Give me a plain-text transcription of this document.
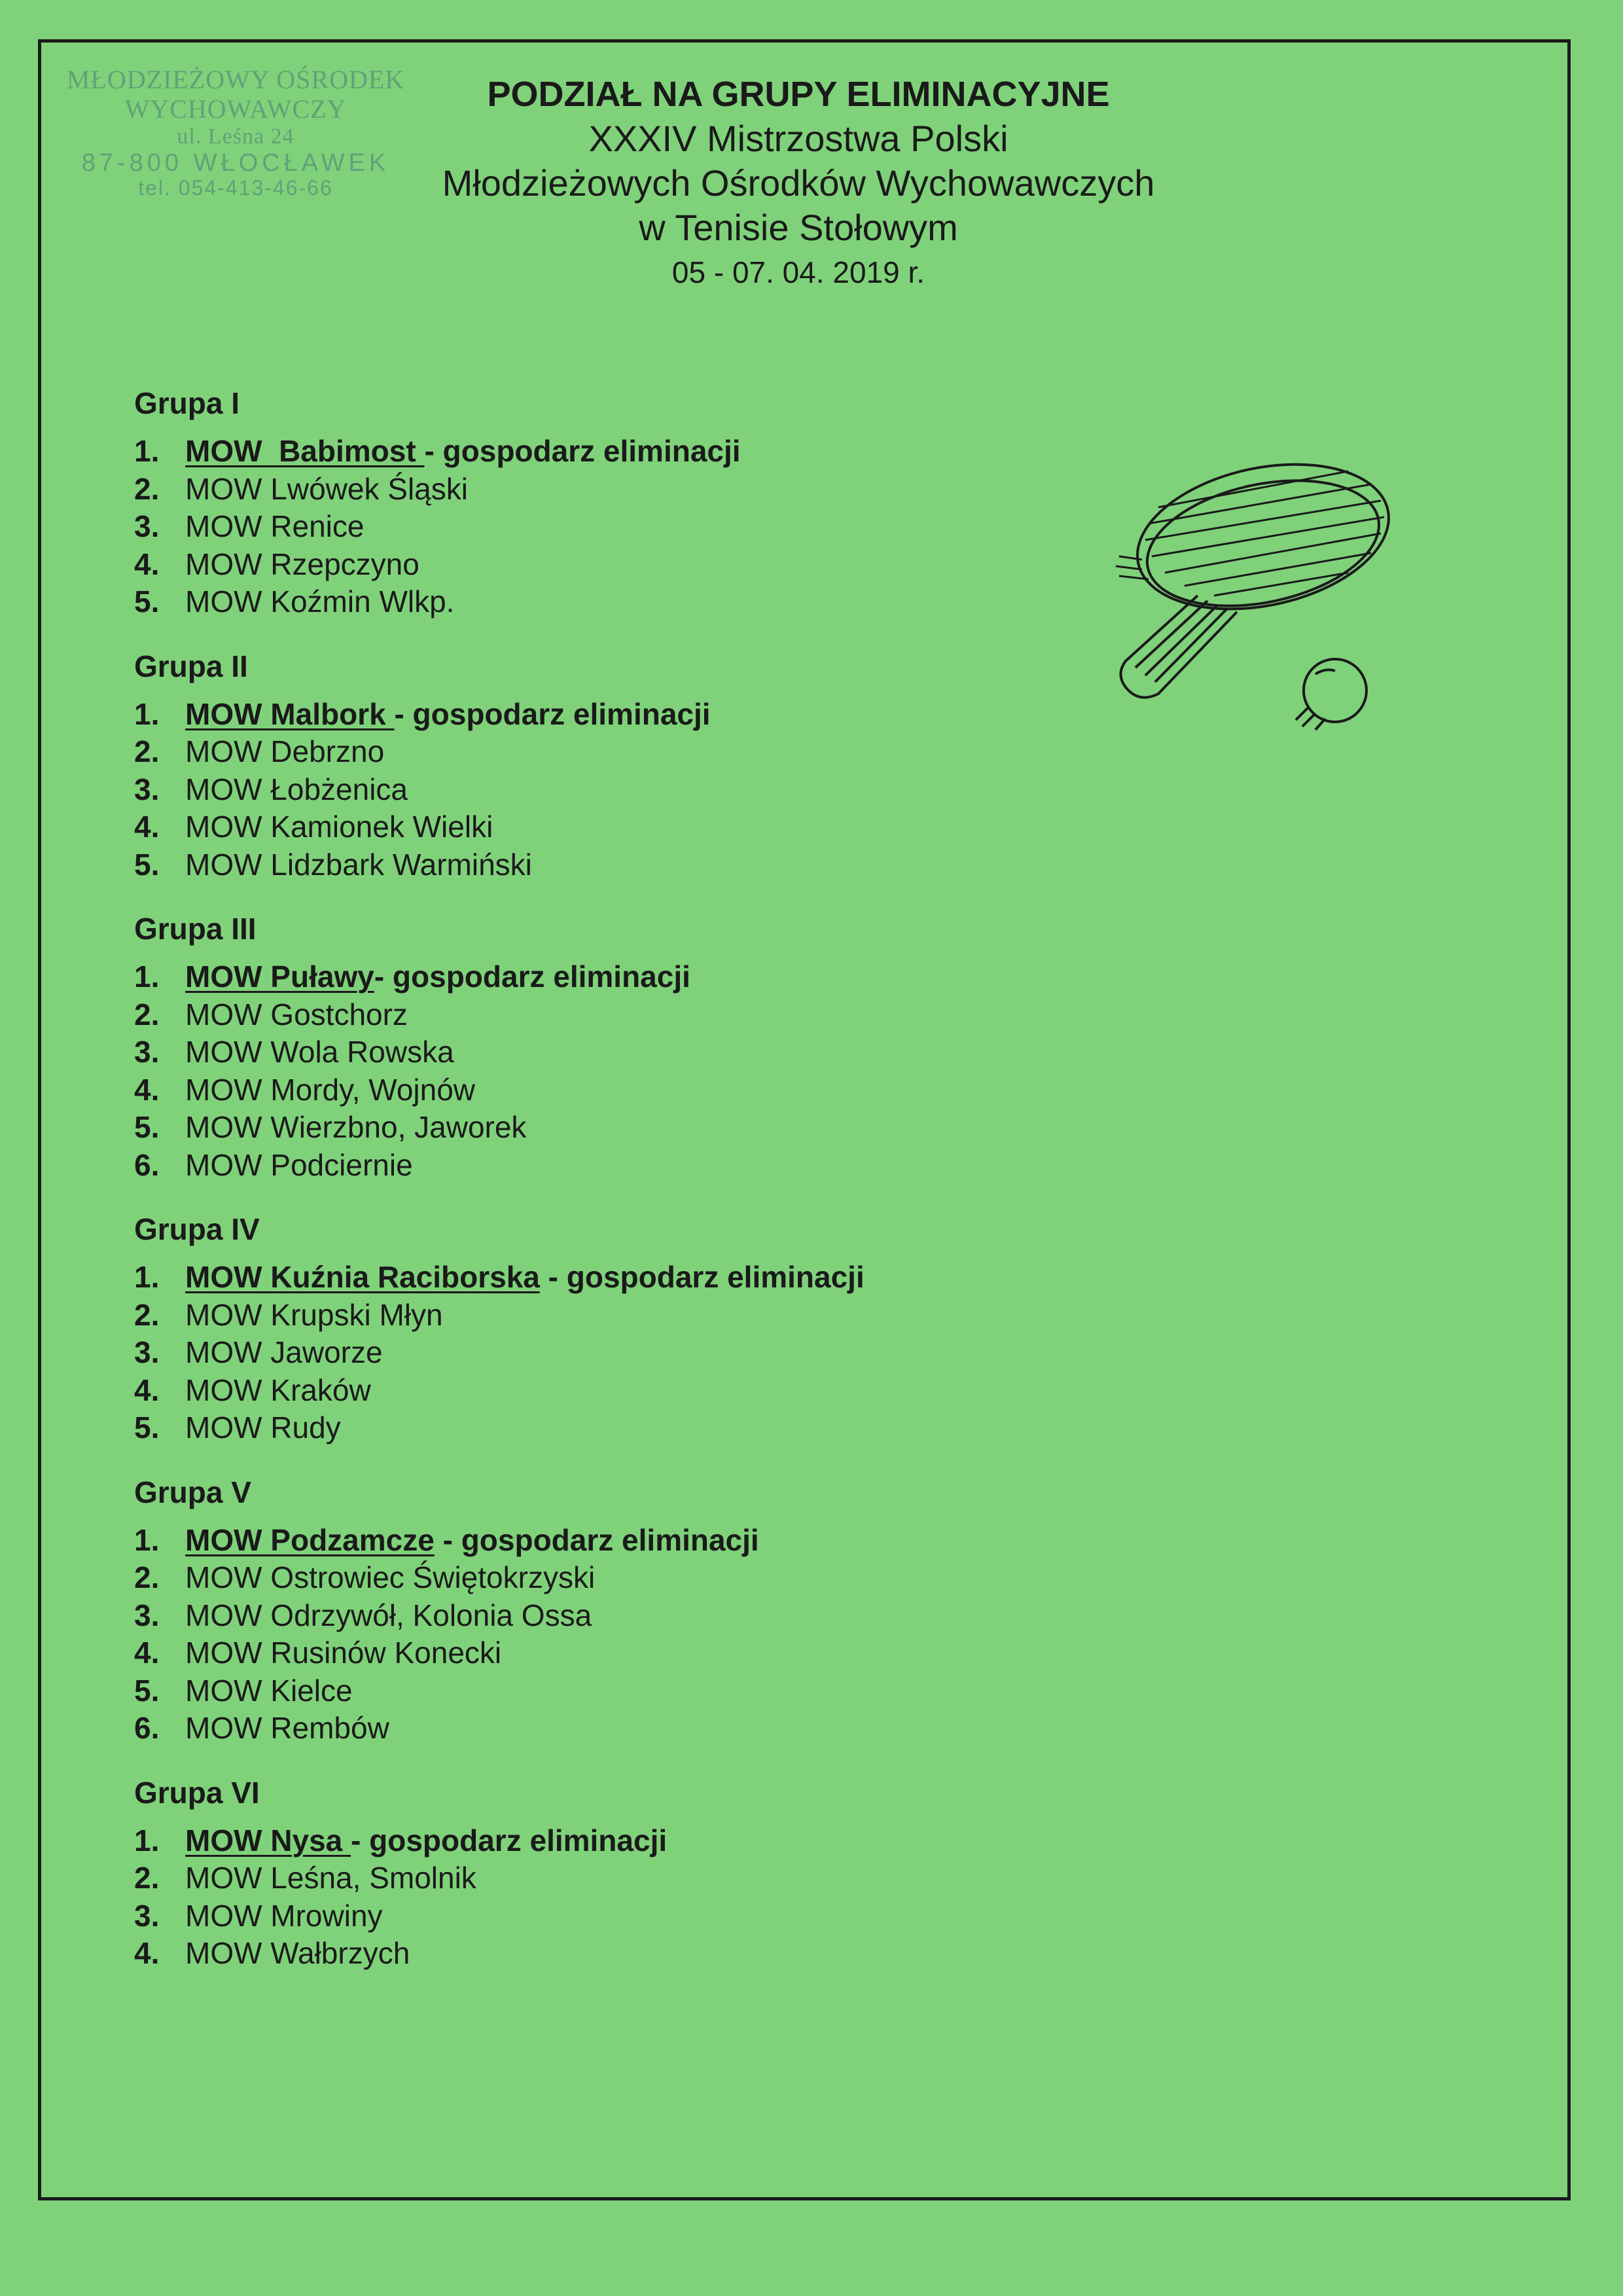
MŁODZIEŻOWY OŚRODEK
WYCHOWAWCZY
ul. Leśna 24
87-800 WŁOCŁAWEK
tel. 054-413-46-66
PODZIAŁ NA GRUPY ELIMINACYJNE
XXXIV Mistrzostwa Polski
Młodzieżowych Ośrodków Wychowawczych
w Tenisie Stołowym
05 - 07. 04. 2019 r.
Grupa I
1. MOW  Babimost - gospodarz eliminacji
2. MOW Lwówek Śląski
3. MOW Renice
4. MOW Rzepczyno
5. MOW Koźmin Wlkp.
Grupa II
1. MOW Malbork - gospodarz eliminacji
2. MOW Debrzno
3. MOW Łobżenica
4. MOW Kamionek Wielki
5. MOW Lidzbark Warmiński
Grupa III
1. MOW Puławy- gospodarz eliminacji
2. MOW Gostchorz
3. MOW Wola Rowska
4. MOW Mordy, Wojnów
5. MOW Wierzbno, Jaworek
6. MOW Podciernie
Grupa IV
1. MOW Kuźnia Raciborska - gospodarz eliminacji
2. MOW Krupski Młyn
3. MOW Jaworze
4. MOW Kraków
5. MOW Rudy
Grupa V
1. MOW Podzamcze - gospodarz eliminacji
2. MOW Ostrowiec Świętokrzyski
3. MOW Odrzywół, Kolonia Ossa
4. MOW Rusinów Konecki
5. MOW Kielce
6. MOW Rembów
Grupa VI
1. MOW Nysa - gospodarz eliminacji
2. MOW Leśna, Smolnik
3. MOW Mrowiny
4. MOW Wałbrzych
